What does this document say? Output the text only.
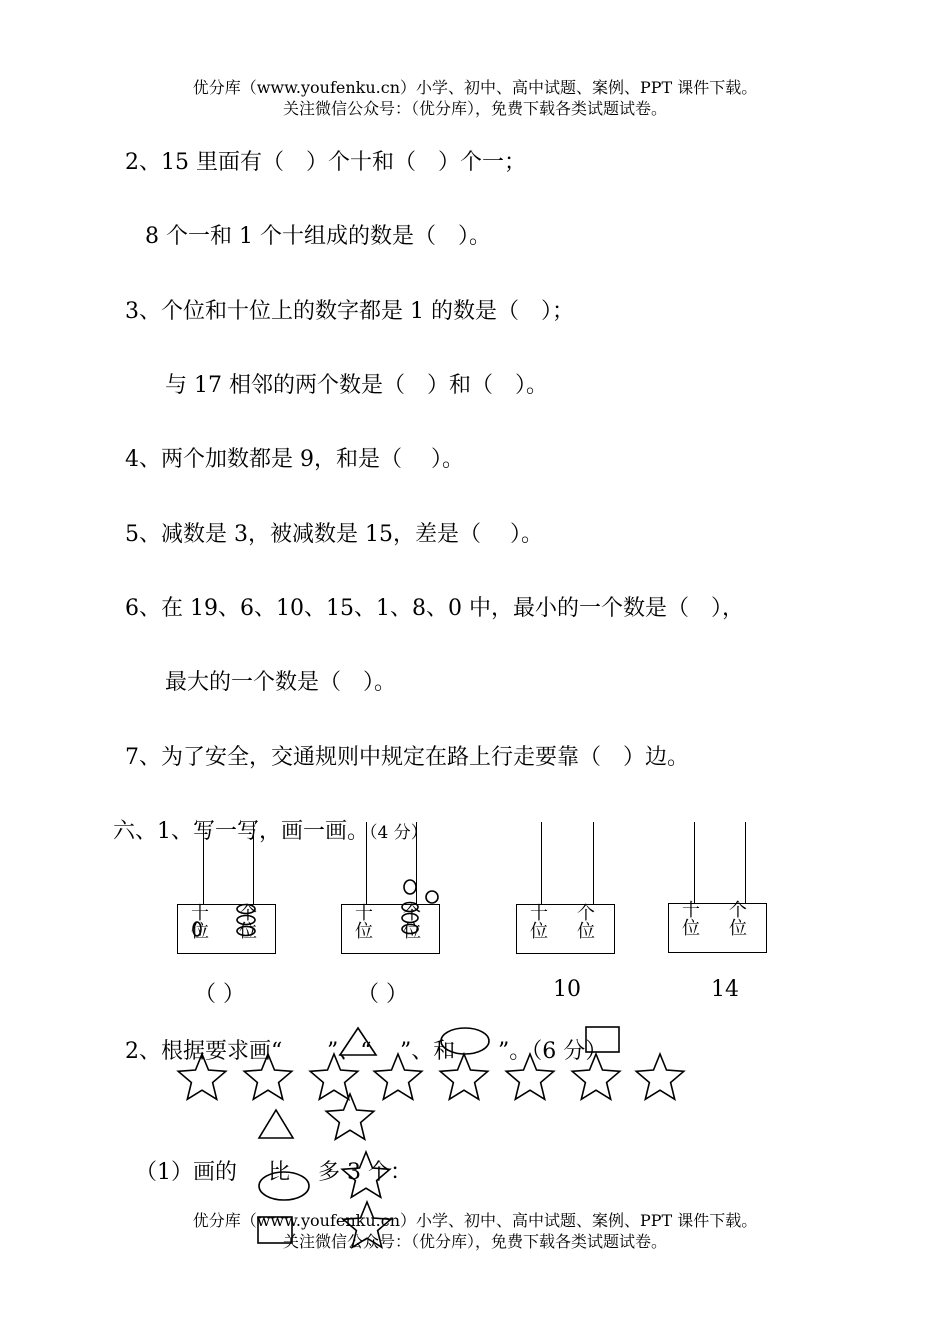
优分库（www.youfenku.cn）小学、初中、高中试题、案例、PPT 课件下载。
关注微信公众号：（优分库），免费下载各类试题试卷。
2、15 里面有（　）个十和（　）个一；
8 个一和 1 个十组成的数是（　）。
3、个位和十位上的数字都是 1 的数是（　）；
与 17 相邻的两个数是（　）和（　）。
4、两个加数都是 9，和是（　 ）。
5、减数是 3，被减数是 15，差是（　 ）。
6、在 19、6、10、15、1、8、0 中，最小的一个数是（　），
最大的一个数是（　）。
7、为了安全，交通规则中规定在路上行走要靠（　）边。
六、1、写一写，画一画。（4 分）
十
位
个
位
十
位
个
位
十
位
个
位
十
位
个
位
（ ）	（ ）	10	14
2、根据要求画“ ”、“ ”、和 ”。（6 分）
（1）画的 比 多 3 个：
优分库（www.youfenku.cn）小学、初中、高中试题、案例、PPT 课件下载。
关注微信公众号：（优分库），免费下载各类试题试卷。
